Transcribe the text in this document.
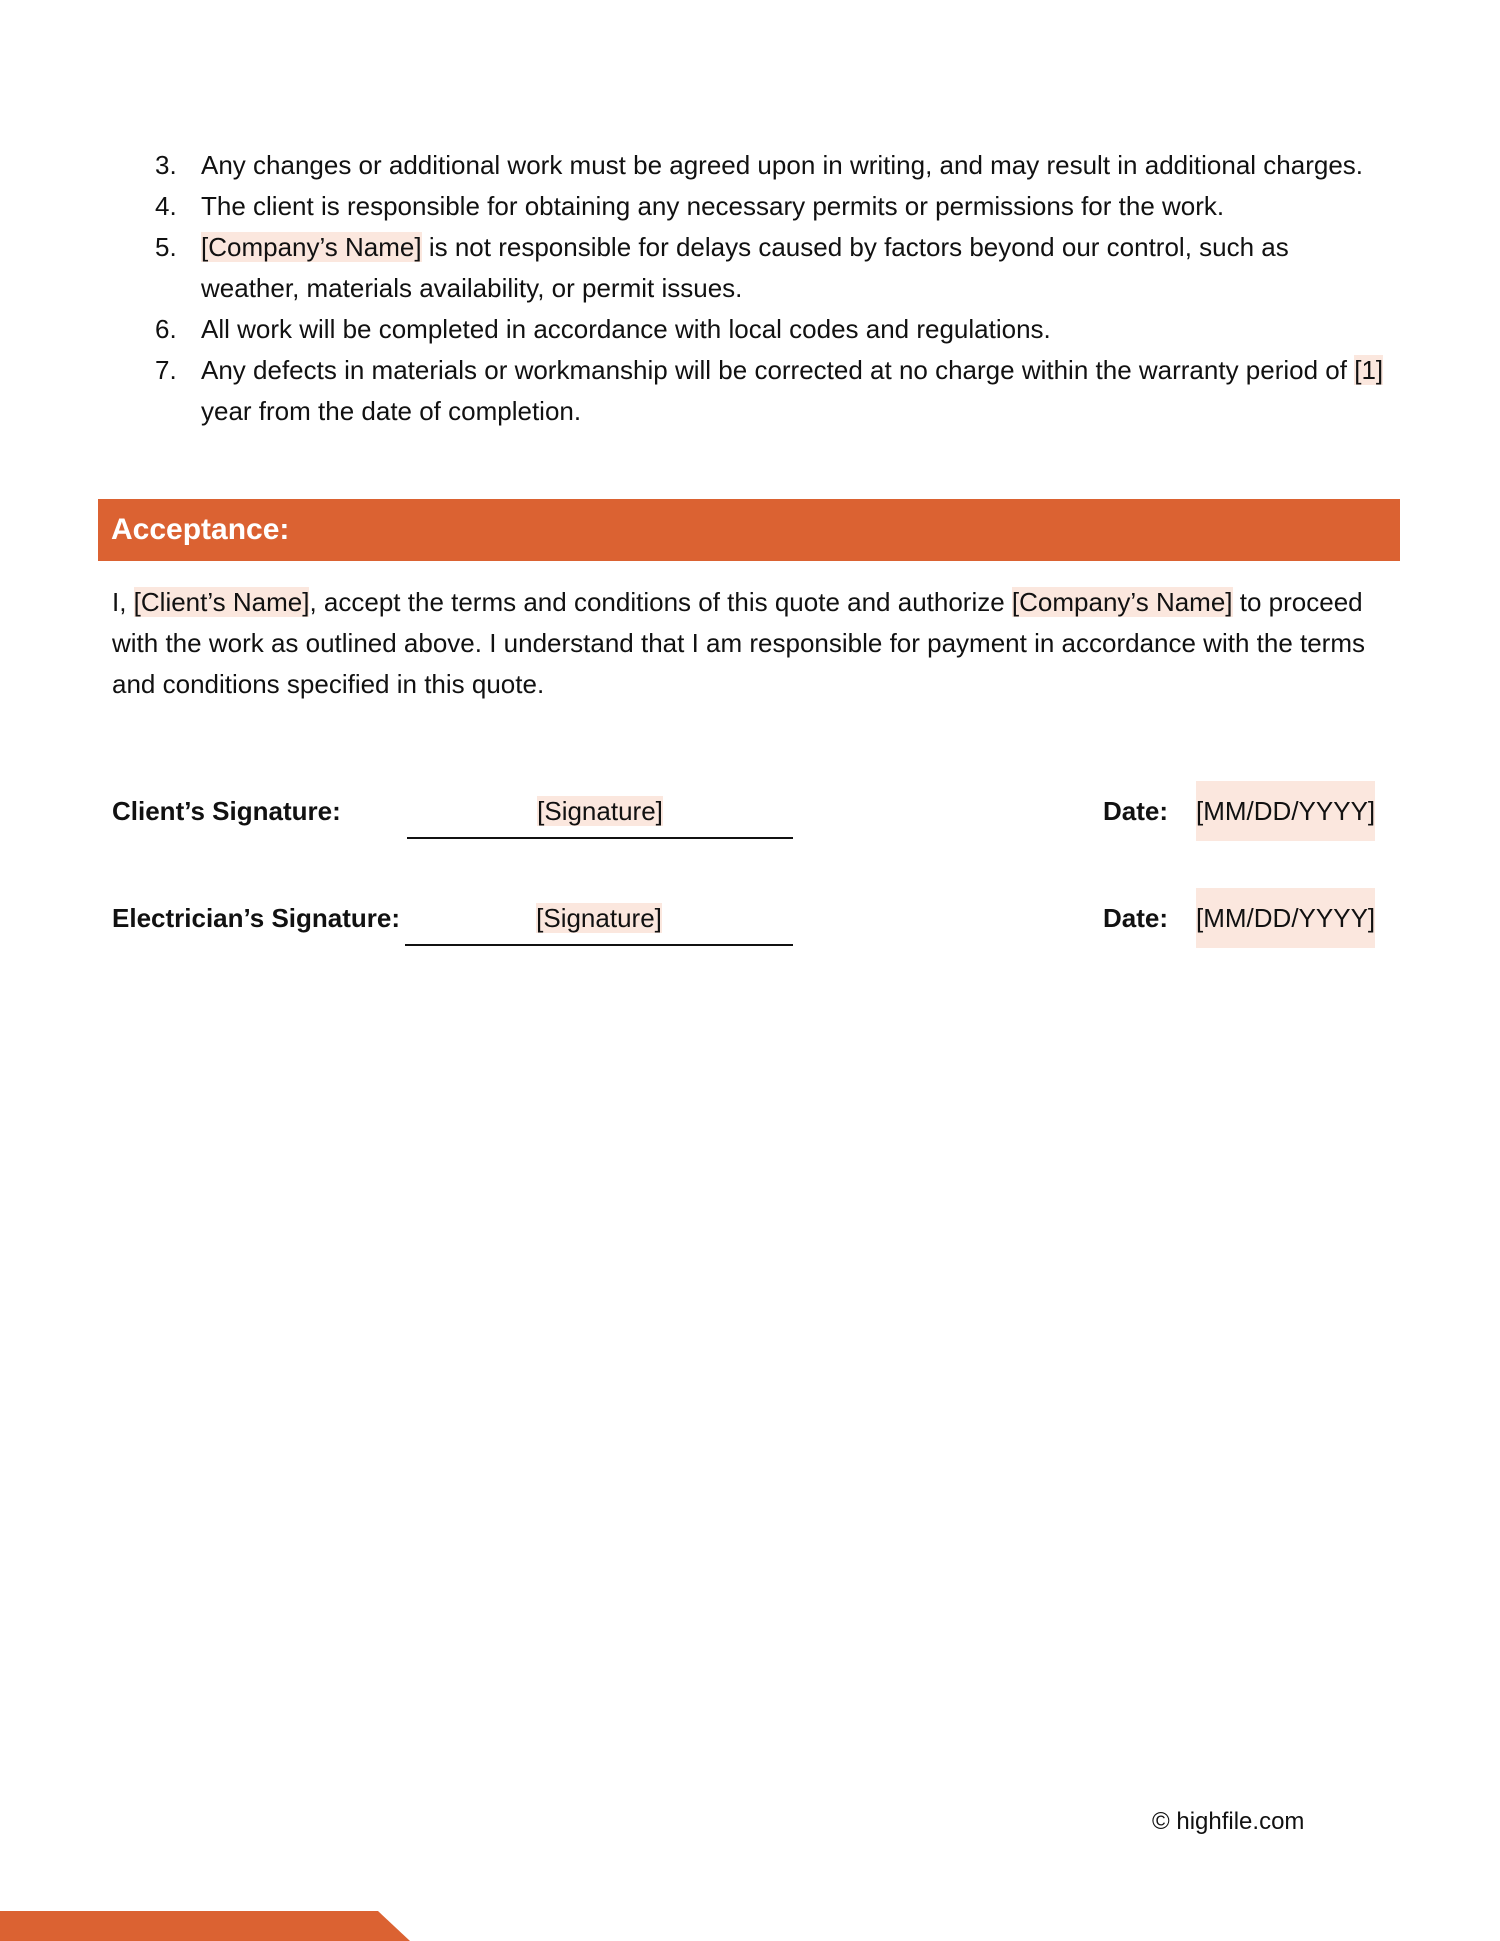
3. Any changes or additional work must be agreed upon in writing, and may result in additional charges.
4. The client is responsible for obtaining any necessary permits or permissions for the work.
5. [Company’s Name] is not responsible for delays caused by factors beyond our control, such as weather, materials availability, or permit issues.
6. All work will be completed in accordance with local codes and regulations.
7. Any defects in materials or workmanship will be corrected at no charge within the warranty period of [1] year from the date of completion.
Acceptance:

I, [Client’s Name], accept the terms and conditions of this quote and authorize [Company’s Name] to proceed with the work as outlined above. I understand that I am responsible for payment in accordance with the terms and conditions specified in this quote.

Client’s Signature:	[Signature]	Date: [MM/DD/YYYY]
Electrician’s Signature:	[Signature]	Date: [MM/DD/YYYY]
© highfile.com
